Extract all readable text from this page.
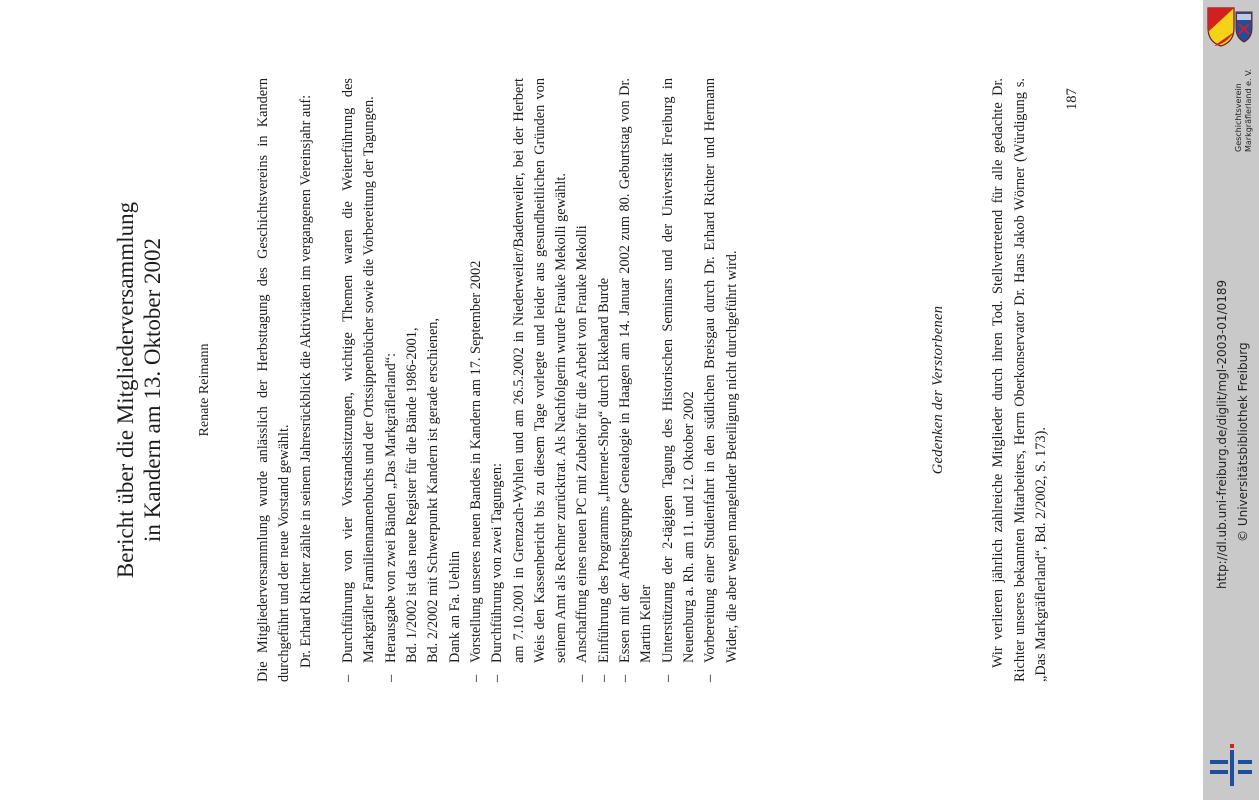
Bericht über die Mitgliederversammlung in Kandern am 13. Oktober 2002 Renate Reimann	Die Mitgliederversammlung wurde anlässlich der Herbsttagung des Geschichtsvereins in Kandern durchgeführt und der neue Vorstand gewählt. Dr. Erhard Richter zählte in seinem Jahresrückblick die Aktivitäten im vergangenen Vereinsjahr auf:

–
Durchführung von vier Vorstandssitzungen, wichtige Themen waren die Weiterführung des Markgräfler Familiennamenbuchs und der Ortssippenbücher sowie die Vorbereitung der Tagungen.
–
Herausgabe von zwei Bänden „Das Markgräflerland“: Bd. 1/2002 ist das neue Register für die Bände 1986-2001, Bd. 2/2002 mit Schwerpunkt Kandern ist gerade erschienen, Dank an Fa. Uehlin
–
Vorstellung unseres neuen Bandes in Kandern am 17. September 2002
–
Durchführung von zwei Tagungen: am 7.10.2001 in Grenzach-Wyhlen und am 26.5.2002 in Niederweiler/Badenweiler, bei der Herbert Weis den Kassenbericht bis zu diesem Tage vorlegte und leider aus gesundheitlichen Gründen von seinem Amt als Rechner zurücktrat. Als Nachfolgerin wurde Frauke Mekolli gewählt.
–
Anschaffung eines neuen PC mit Zubehör für die Arbeit von Frauke Mekolli
–
Einführung des Programms „Internet-Shop“ durch Ekkehard Burde
–
Essen mit der Arbeitsgruppe Genealogie in Haagen am 14. Januar 2002 zum 80. Geburtstag von Dr. Martin Keller
–
Unterstützung der 2-tägigen Tagung des Historischen Seminars und der Universität Freiburg in Neuenburg a. Rh. am 11. und 12. Oktober 2002
–
Vorbereitung einer Studienfahrt in den südlichen Breisgau durch Dr. Erhard Richter und Hermann Wider, die aber wegen mangelnder Beteiligung nicht durchgeführt wird.	Gedenken der Verstorbenen	Wir verlieren jährlich zahlreiche Mitglieder durch ihren Tod. Stellvertretend für alle gedachte Dr. Richter unseres bekannten Mitarbeiters, Herrn Oberkonservator Dr. Hans Jakob Wörner (Würdigung s. „Das Markgräflerland“, Bd. 2/2002, S. 173).

187	Geschichtsverein Markgräflerland e. V.
http://dl.ub.uni-freiburg.de/diglit/mgl-2003-01/0189 © Universitätsbibliothek Freiburg
